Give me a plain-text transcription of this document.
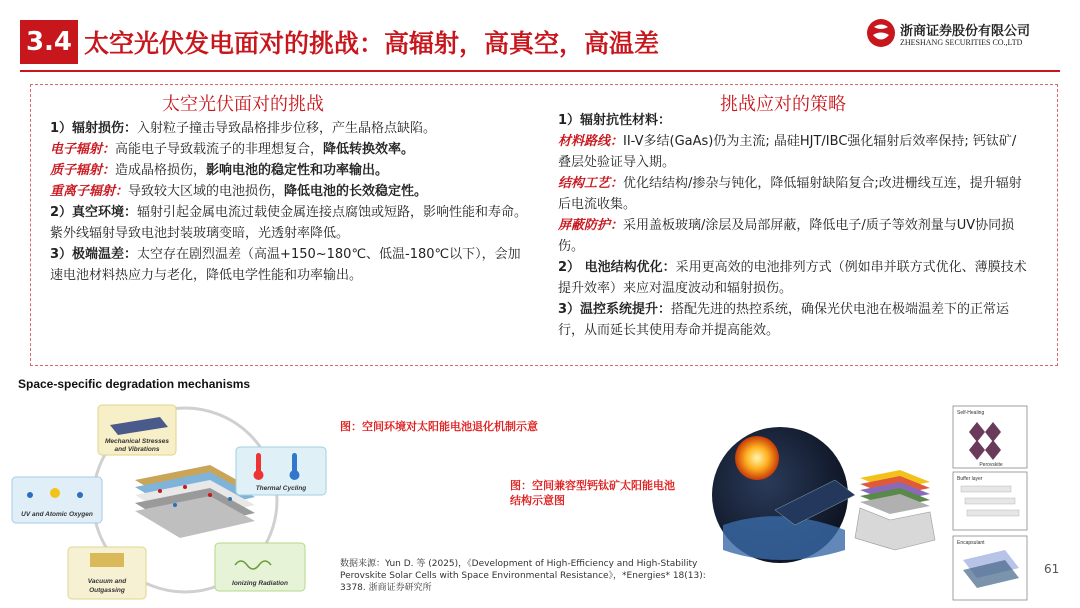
3.4 太空光伏发电面对的挑战：高辐射，高真空，高温差	浙商证券股份有限公司
ZHESHANG SECURITIES CO.,LTD
太空光伏面对的挑战	挑战应对的策略
1）辐射损伤：入射粒子撞击导致晶格排步位移，产生晶格点缺陷。
电子辐射：高能电子导致载流子的非理想复合，降低转换效率。
质子辐射：造成晶格损伤，影响电池的稳定性和功率输出。
重离子辐射：导致较大区域的电池损伤，降低电池的长效稳定性。
2）真空环境：辐射引起金属电流过载使金属连接点腐蚀或短路，影响性能和寿命。紫外线辐射导致电池封装玻璃变暗，光透射率降低。
3）极端温差：太空存在剧烈温差（高温+150~180℃、低温-180℃以下），会加速电池材料热应力与老化，降低电学性能和功率输出。
1）辐射抗性材料：
材料路线：II-V多结(GaAs)仍为主流; 晶硅HJT/IBC强化辐射后效率保持; 钙钛矿/叠层处验证导入期。
结构工艺：优化结结构/掺杂与钝化，降低辐射缺陷复合;改进栅线互连，提升辐射后电流收集。
屏蔽防护：采用盖板玻璃/涂层及局部屏蔽，降低电子/质子等效剂量与UV协同损伤。
2） 电池结构优化：采用更高效的电池排列方式（例如串并联方式优化、薄膜技术提升效率）来应对温度波动和辐射损伤。
3）温控系统提升：搭配先进的热控系统，确保光伏电池在极端温差下的正常运行，从而延长其使用寿命并提高能效。
Space-specific degradation mechanisms
Mechanical Stresses
and Vibrations
Thermal Cycling
Ionizing Radiation
Vacuum and
Outgassing
UV and Atomic Oxygen
图：空间环境对太阳能电池退化机制示意
图：空间兼容型钙钛矿太阳能电池结构示意图
数据来源：Yun D. 等 (2025)，《Development of High-Efficiency and High-Stability Perovskite Solar Cells with Space Environmental Resistance》，*Energies* 18(13): 3378. 浙商证券研究所
Self-Healing
Perovskite
Buffer layer
Encapsulant
61
